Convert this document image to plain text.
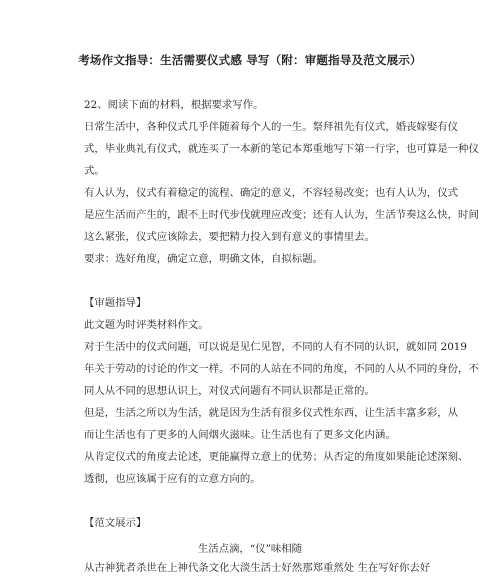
考场作文指导：生活需要仪式感 导写（附：审题指导及范文展示）
22、阅读下面的材料，根据要求写作。
日常生活中，各种仪式几乎伴随着每个人的一生。祭拜祖先有仪式，婚丧嫁娶有仪
式，毕业典礼有仪式，就连买了一本新的笔记本郑重地写下第一行字，也可算是一种仪
式。
有人认为，仪式有着稳定的流程、确定的意义，不容轻易改变；也有人认为，仪式
是应生活而产生的，跟不上时代步伐就理应改变；还有人认为，生活节奏这么快，时间
这么紧张，仪式应该除去，要把精力投入到有意义的事情里去。
要求：选好角度，确定立意，明确文体，自拟标题。
【审题指导】
此文题为时评类材料作文。
对于生活中的仪式问题，可以说是见仁见智，不同的人有不同的认识，就如同 2019
年关于劳动的讨论的作文一样。不同的人站在不同的角度，不同的人从不同的身份，不
同人从不同的思想认识上，对仪式问题有不同认识都是正常的。
但是，生活之所以为生活，就是因为生活有很多仪式性东西，让生活丰富多彩，从
而让生活也有了更多的人间烟火滋味。让生活也有了更多文化内涵。
从肯定仪式的角度去论述，更能赢得立意上的优势；从否定的角度如果能论述深刻、
透彻，也应该属于应有的立意方向的。
【范文展示】
生活点滴，“仪”味相随
从古神犹者杀世在上神代条文化大淡生活士好然那郑重然处 生在写好你去好
